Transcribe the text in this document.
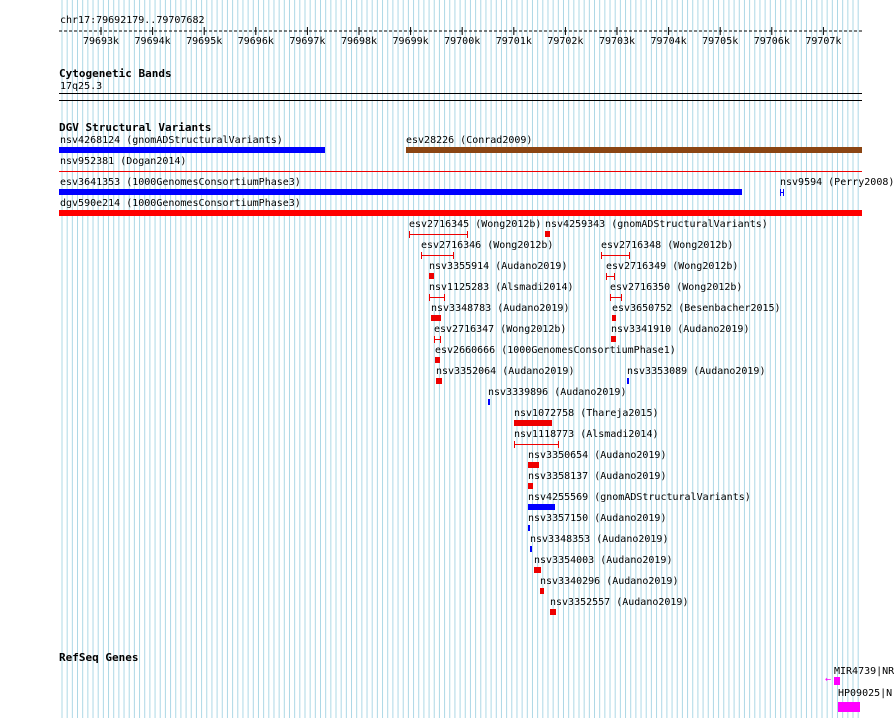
chr17:79692179..79707682
79693k 79694k 79695k 79696k 79697k 79698k 79699k 79700k 79701k 79702k 79703k 79704k 79705k 79706k 79707k
Cytogenetic Bands
17q25.3
DGV Structural Variants
nsv4268124 (gnomADStructuralVariants)	esv28226 (Conrad2009)
nsv952381 (Dogan2014)
esv3641353 (1000GenomesConsortiumPhase3)	nsv9594 (Perry2008)
dgv590e214 (1000GenomesConsortiumPhase3)
esv2716345 (Wong2012b) nsv4259343 (gnomADStructuralVariants)
esv2716346 (Wong2012b)	esv2716348 (Wong2012b)
nsv3355914 (Audano2019)	esv2716349 (Wong2012b)
nsv1125283 (Alsmadi2014)	esv2716350 (Wong2012b)
nsv3348783 (Audano2019)	esv3650752 (Besenbacher2015)
esv2716347 (Wong2012b)	nsv3341910 (Audano2019)
esv2660666 (1000GenomesConsortiumPhase1)
nsv3352064 (Audano2019)	nsv3353089 (Audano2019)
nsv3339896 (Audano2019)
nsv1072758 (Thareja2015)
nsv1118773 (Alsmadi2014)
nsv3350654 (Audano2019)
nsv3358137 (Audano2019)
nsv4255569 (gnomADStructuralVariants)
nsv3357150 (Audano2019)
nsv3348353 (Audano2019)
nsv3354003 (Audano2019)
nsv3340296 (Audano2019)
nsv3352557 (Audano2019)
RefSeq Genes
MIR4739|NR
←
HP09025|N
